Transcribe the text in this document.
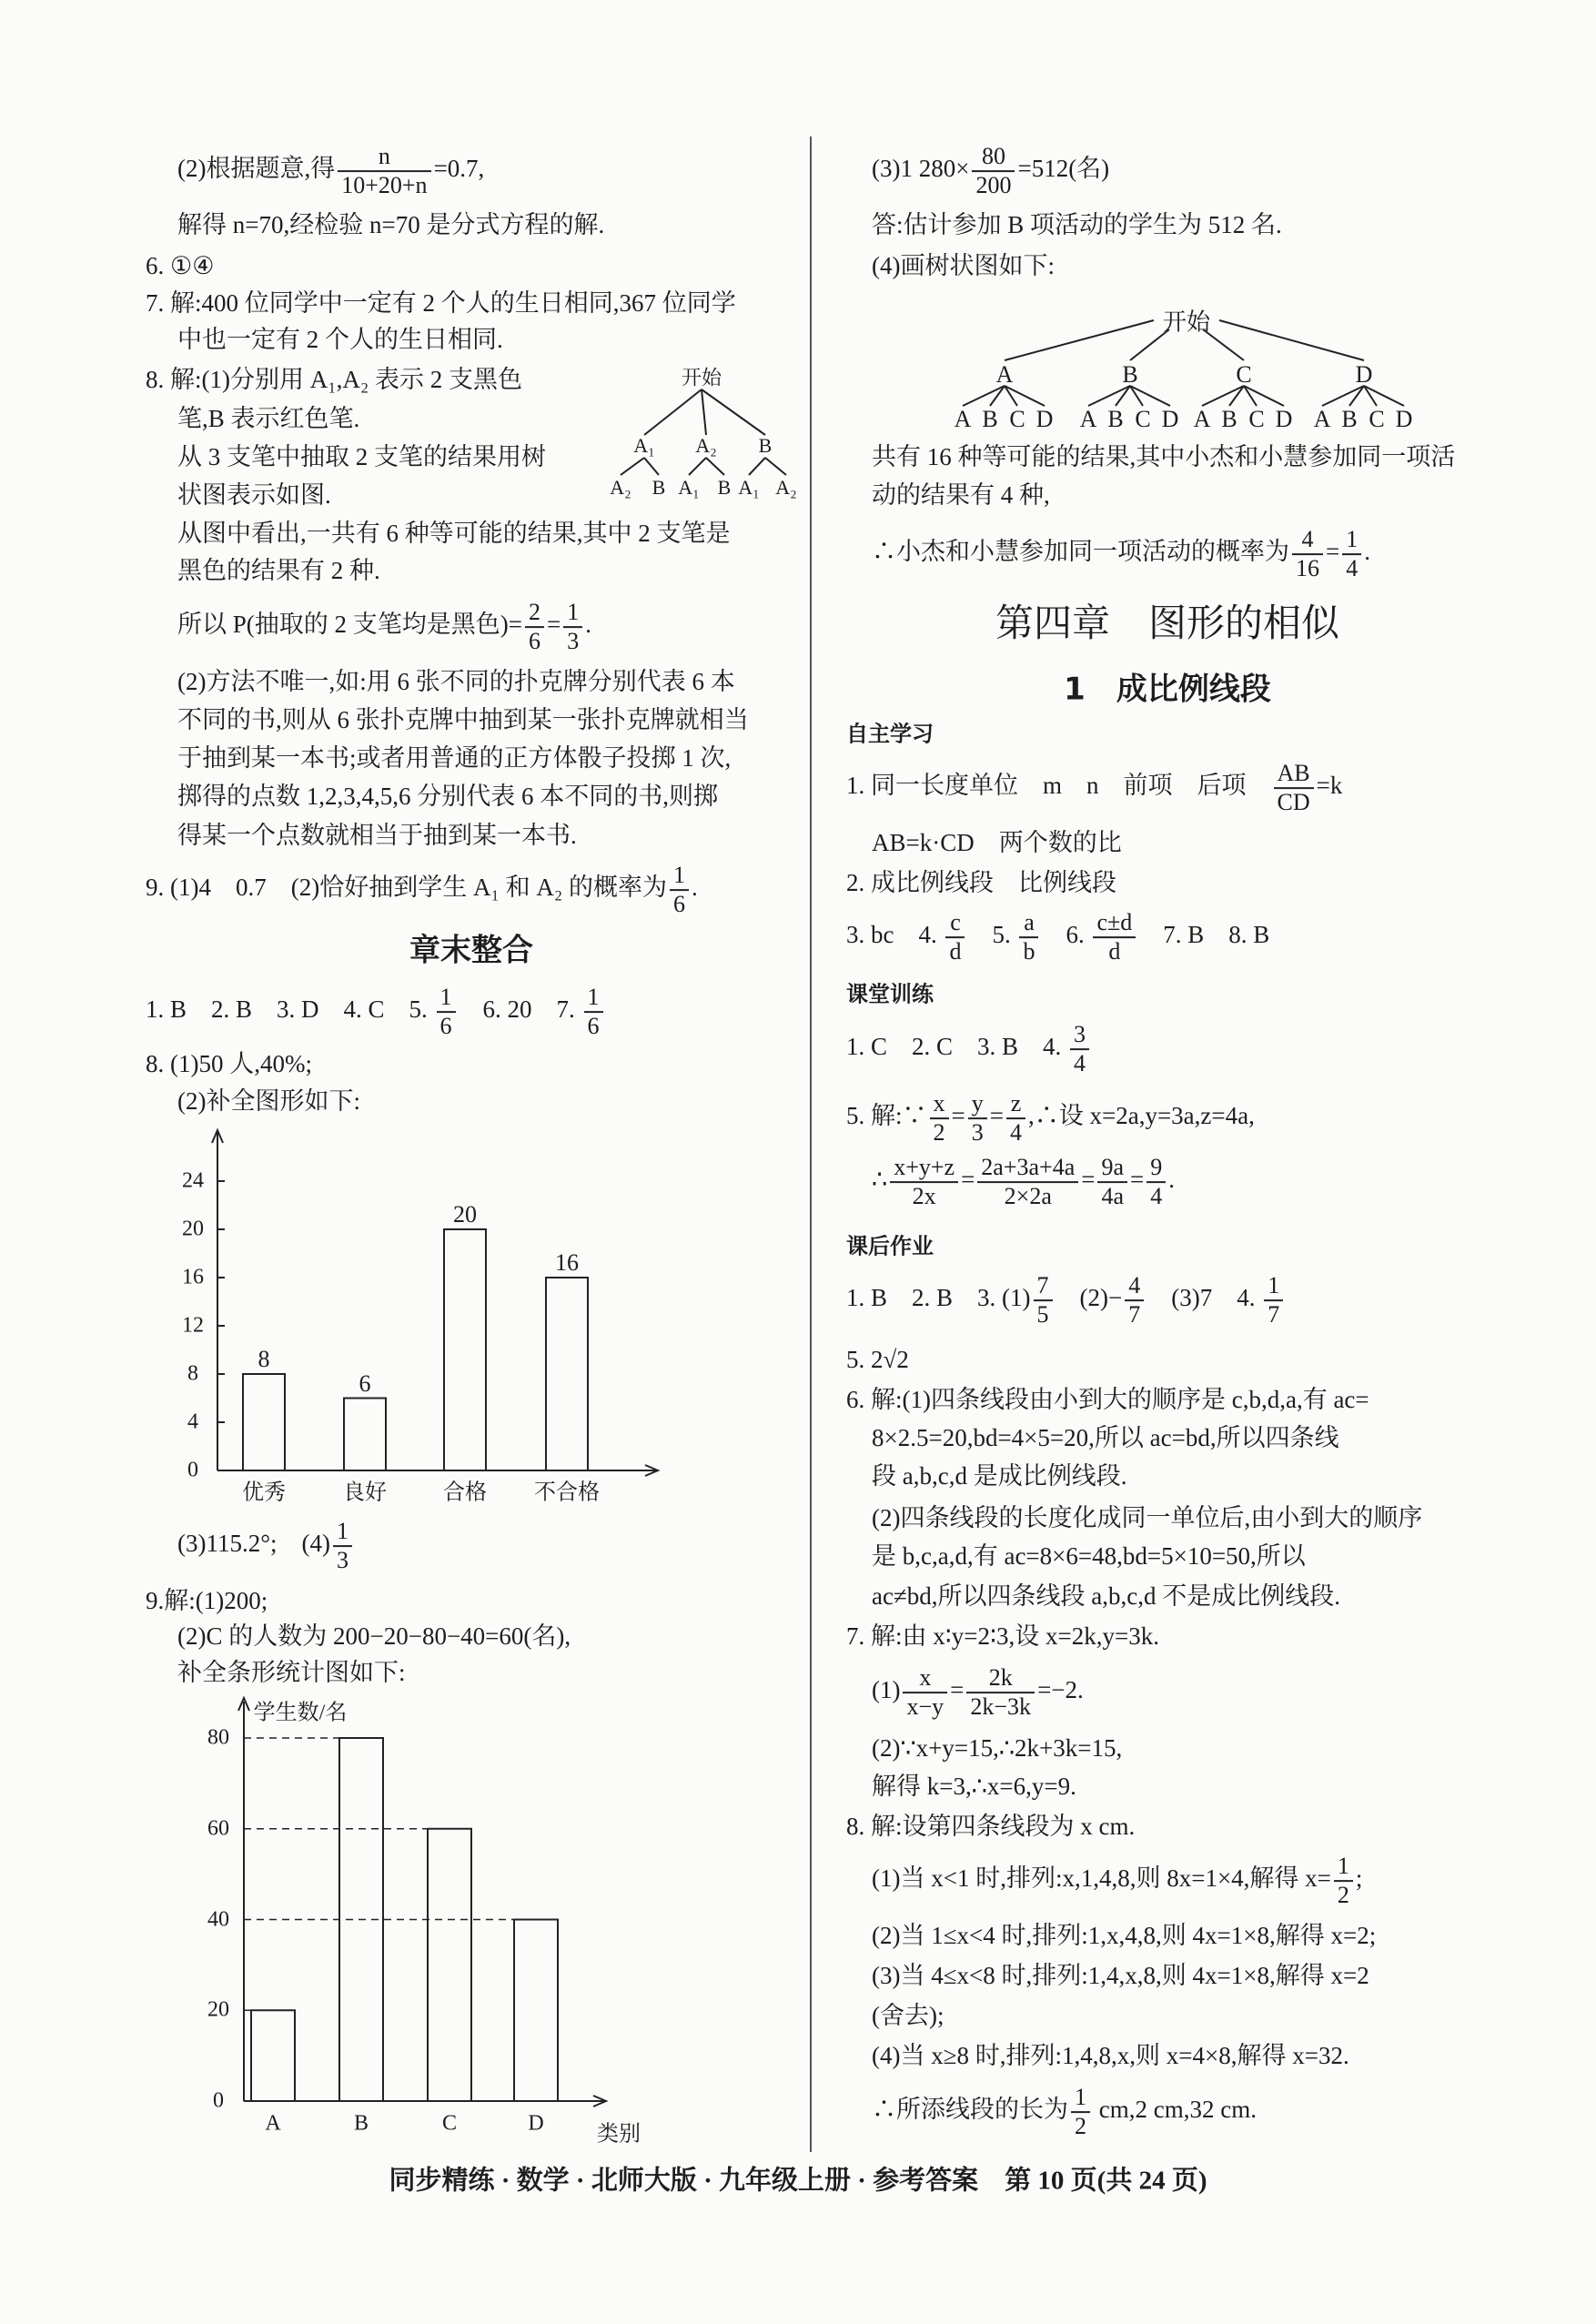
(2)根据题意,得 $\frac{n}{10+20+n} =0.7$,
解得 n=70,经检验 n=70 是分式方程的解.
6. ①④
7. 解:400 位同学中一定有 2 个人的生日相同,367 位同学
中也一定有 2 个人的生日相同.
8. 解:(1)分别用 A₁,A₂ 表示 2 支黑色
笔,B 表示红色笔.
从 3 支笔中抽取 2 支笔的结果用树
状图表示如图.
从图中看出,一共有 6 种等可能的结果,其中 2 支笔是
黑色的结果有 2 种.
所以 P(抽取的 2 支笔均是黑色)= $\frac{2}{6} = \frac{1}{3}$ .
(2)方法不唯一,如:用 6 张不同的扑克牌分别代表 6 本
不同的书,则从 6 张扑克牌中抽到某一张扑克牌就相当
于抽到某一本书;或者用普通的正方体骰子投掷 1 次,
掷得的点数 1,2,3,4,5,6 分别代表 6 本不同的书,则掷
得某一个点数就相当于抽到某一本书.
9. (1)4　0.7　(2)恰好抽到学生 A₁ 和 A₂ 的概率为 $\frac{1}{6}$ .
1. B　2. B　3. D　4. C　5. $\frac{1}{6}$ 　6. 20　7. $\frac{1}{6}$
8. (1)50 人,40%;
(2)补全图形如下:
(3)115.2°;　$(4) \frac{1}{3}$
9.解:(1)200;
(2)C 的人数为 200−20−80−40=60(名),
补全条形统计图如下:
(3)1 $280\times \frac{80}{200} =512$(名)
答:估计参加 B 项活动的学生为 512 名.
(4)画树状图如下:
共有 16 种等可能的结果,其中小杰和小慧参加同一项活
动的结果有 4 种,
∴小杰和小慧参加同一项活动的概率为 $\frac{4}{16} = \frac{1}{4}$ .
1. 同一长度单位　m　n　前项　后项　 $\frac{AB}{CD} =k$
AB=k·CD　两个数的比
2. 成比例线段　比例线段
3. bc　4. $\frac{c}{d}$ 　5. $\frac{a}{b}$ 　6. $\frac{c\pm d}{d}$ 　7. B　8. B
1. C　2. C　3. B　4. $\frac{3}{4}$
5. 解:∵ $\frac{x}{2} = \frac{y}{3} = \frac{z}{4}$ ,∴设 x=2a,y=3a,z=4a,
∴ $\frac{x+y+z}{2x} = \frac{2a+3a+4a}{2\times 2a} = \frac{9a}{4a} = \frac{9}{4}$ .
1. B　2. B　3. $(1) \frac{7}{5}$ 　$(2)- \frac{4}{7}$ 　(3)7　4. $\frac{1}{7}$
5. 2√2
6. 解:(1)四条线段由小到大的顺序是 c,b,d,a,有 ac=
8×2.5=20,bd=4×5=20,所以 ac=bd,所以四条线
段 a,b,c,d 是成比例线段.
(2)四条线段的长度化成同一单位后,由小到大的顺序
是 b,c,a,d,有 ac=8×6=48,bd=5×10=50,所以
ac≠bd,所以四条线段 a,b,c,d 不是成比例线段.
7. 解:由 x∶y=2∶3,设 x=2k,y=3k.
$(1) \frac{x}{x-y} = \frac{2k}{2k-3k} =-2$.
(2)∵x+y=15,∴2k+3k=15,
解得 k=3,∴x=6,y=9.
8. 解:设第四条线段为 x cm.
(1)当 x<1 时,排列:x,1,4,8,则 8x=1×4,解得 $x= \frac{1}{2}$ ;
(2)当 1≤x<4 时,排列:1,x,4,8,则 4x=1×8,解得 x=2;
(3)当 4≤x<8 时,排列:1,4,x,8,则 4x=1×8,解得 x=2
(舍去);
(4)当 x≥8 时,排列:1,4,8,x,则 x=4×8,解得 x=32.
∴所添线段的长为 $\frac{1}{2} cm,2$ cm,32 cm.
章末整合
第四章　图形的相似
1　成比例线段
自主学习
课堂训练
课后作业
同步精练 · 数学 · 北师大版 · 九年级上册 · 参考答案　第 10 页(共 24 页)
开始
A₁
A₂ B
A₂
A₁ B
B
A₁ A₂
开始
A
A B C D
B
A B C D
C
A B C D
D
A B C D
0
4
8
12
16
20
24
8
优秀
6
良好
20
合格
16
不合格
0
20
40
60
80
A	B	C	D
学生数/名
类别
